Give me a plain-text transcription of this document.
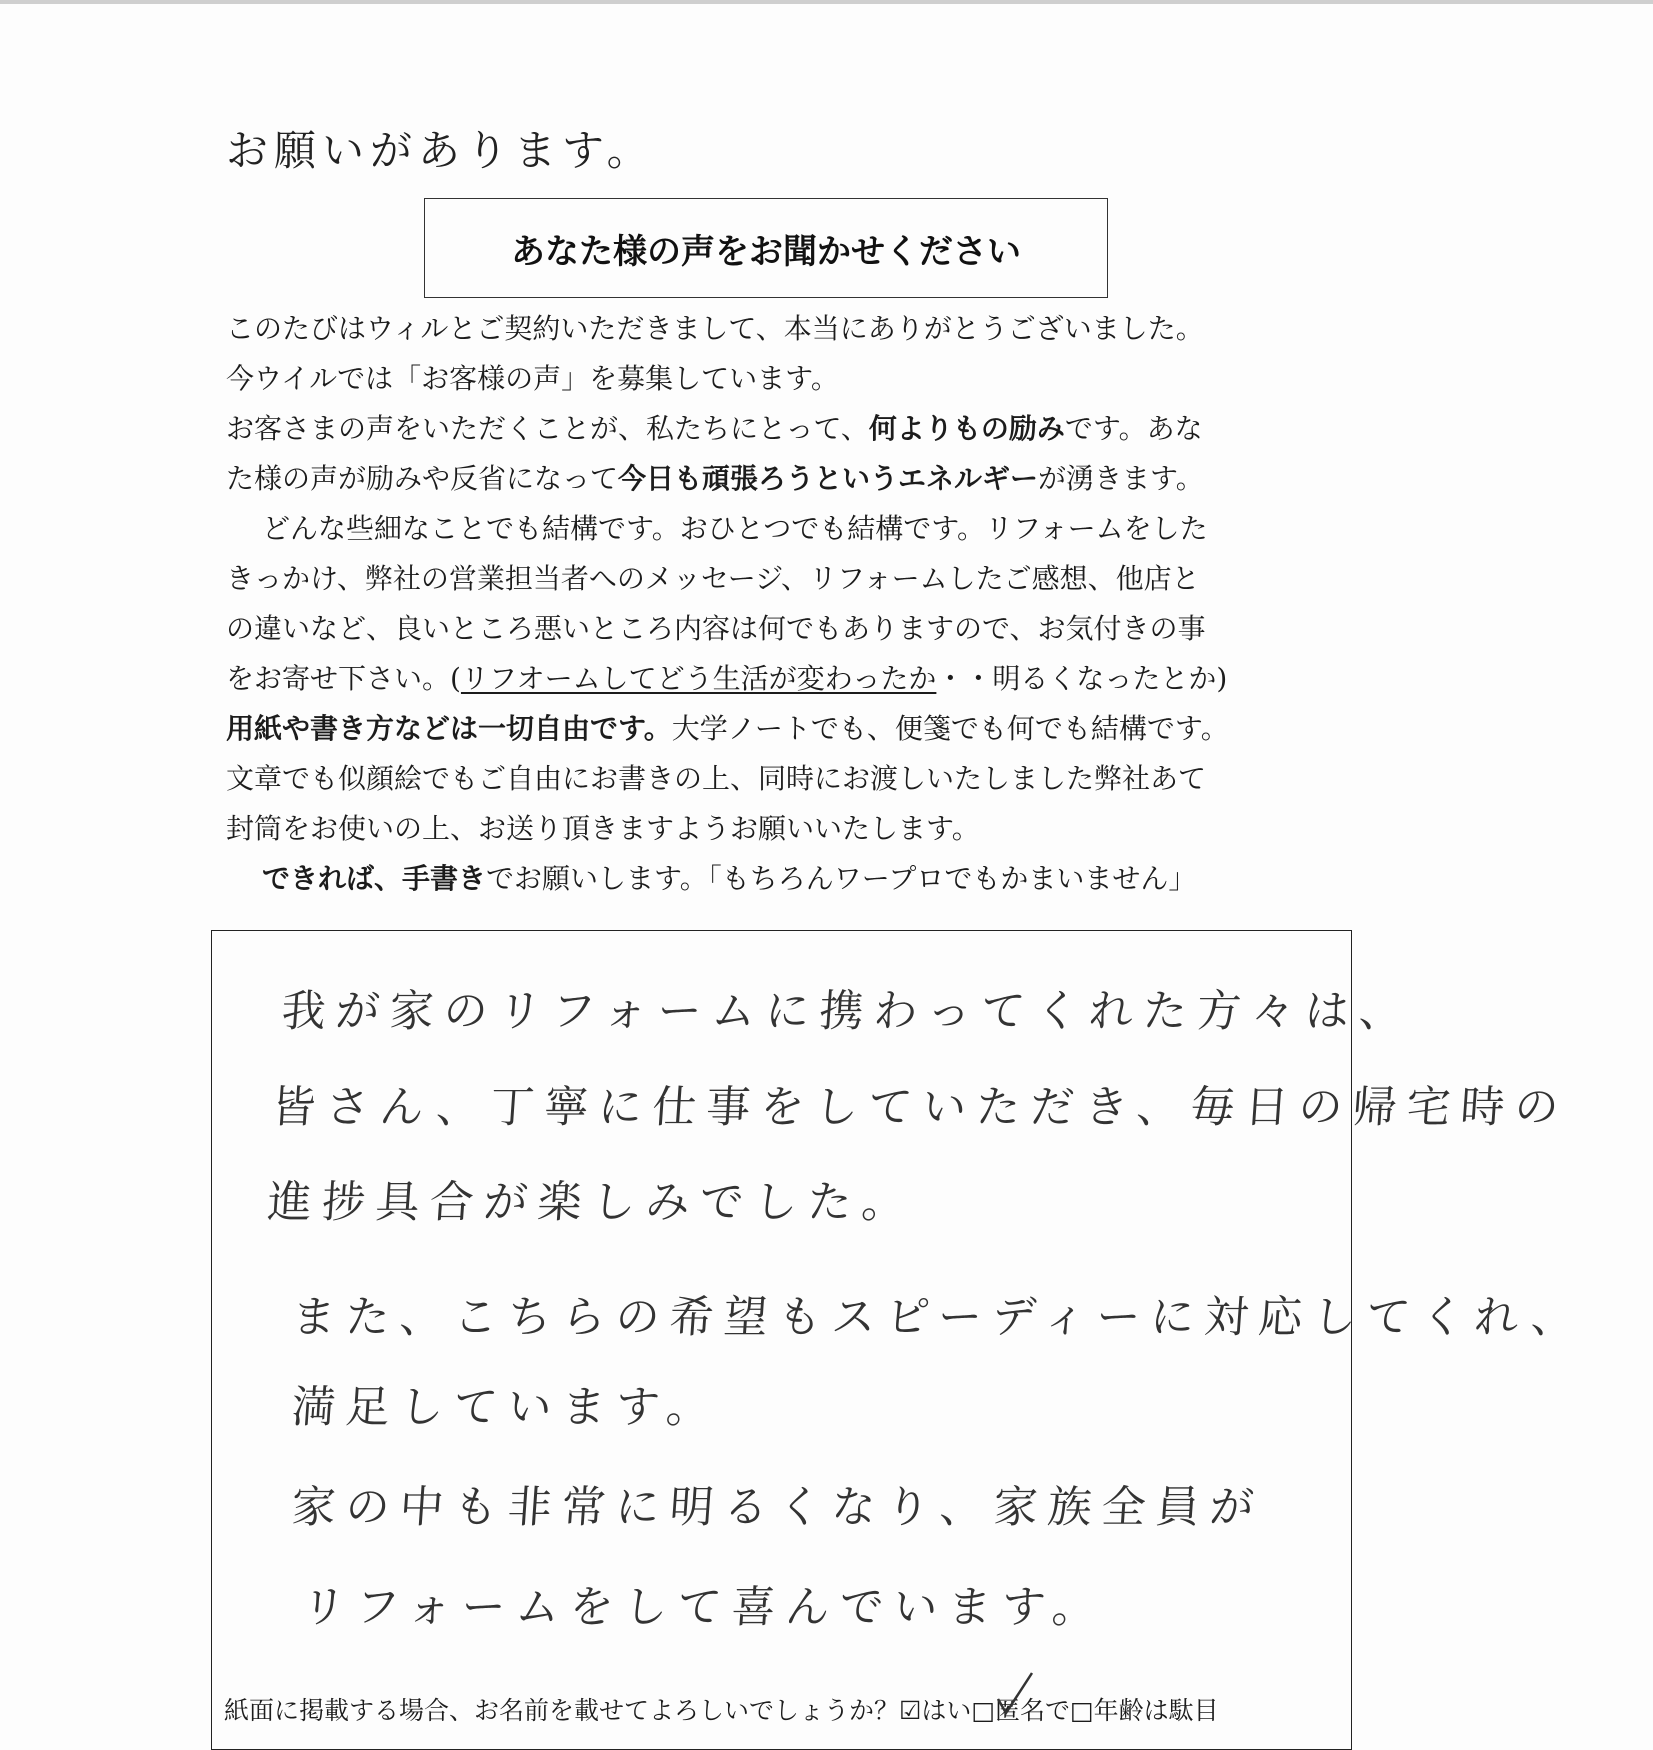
お願いがあります。
あなた様の声をお聞かせください

このたびはウィルとご契約いただきまして、本当にありがとうございました。

今ウイルでは「お客様の声」を募集しています。

お客さまの声をいただくことが、私たちにとって、何よりもの励みです。あな

た様の声が励みや反省になって今日も頑張ろうというエネルギーが湧きます。

どんな些細なことでも結構です。おひとつでも結構です。リフォームをした

きっかけ、弊社の営業担当者へのメッセージ、リフォームしたご感想、他店と

の違いなど、良いところ悪いところ内容は何でもありますので、お気付きの事

をお寄せ下さい。(リフオームしてどう生活が変わったか・・明るくなったとか)

用紙や書き方などは一切自由です。大学ノートでも、便箋でも何でも結構です。

文章でも似顔絵でもご自由にお書きの上、同時にお渡しいたしました弊社あて

封筒をお使いの上、お送り頂きますようお願いいたします。

できれば、手書きでお願いします。「もちろんワープロでもかまいません」

我が家のリフォームに携わってくれた方々は、
皆さん、丁寧に仕事をしていただき、毎日の帰宅時の
進捗具合が楽しみでした。
また、こちらの希望もスピーディーに対応してくれ、
満足しています。
家の中も非常に明るくなり、家族全員が
リフォームをして喜んでいます。
紙面に掲載する場合、お名前を載せてよろしいでしょうか？☑はい□匿名で□年齢は駄目
